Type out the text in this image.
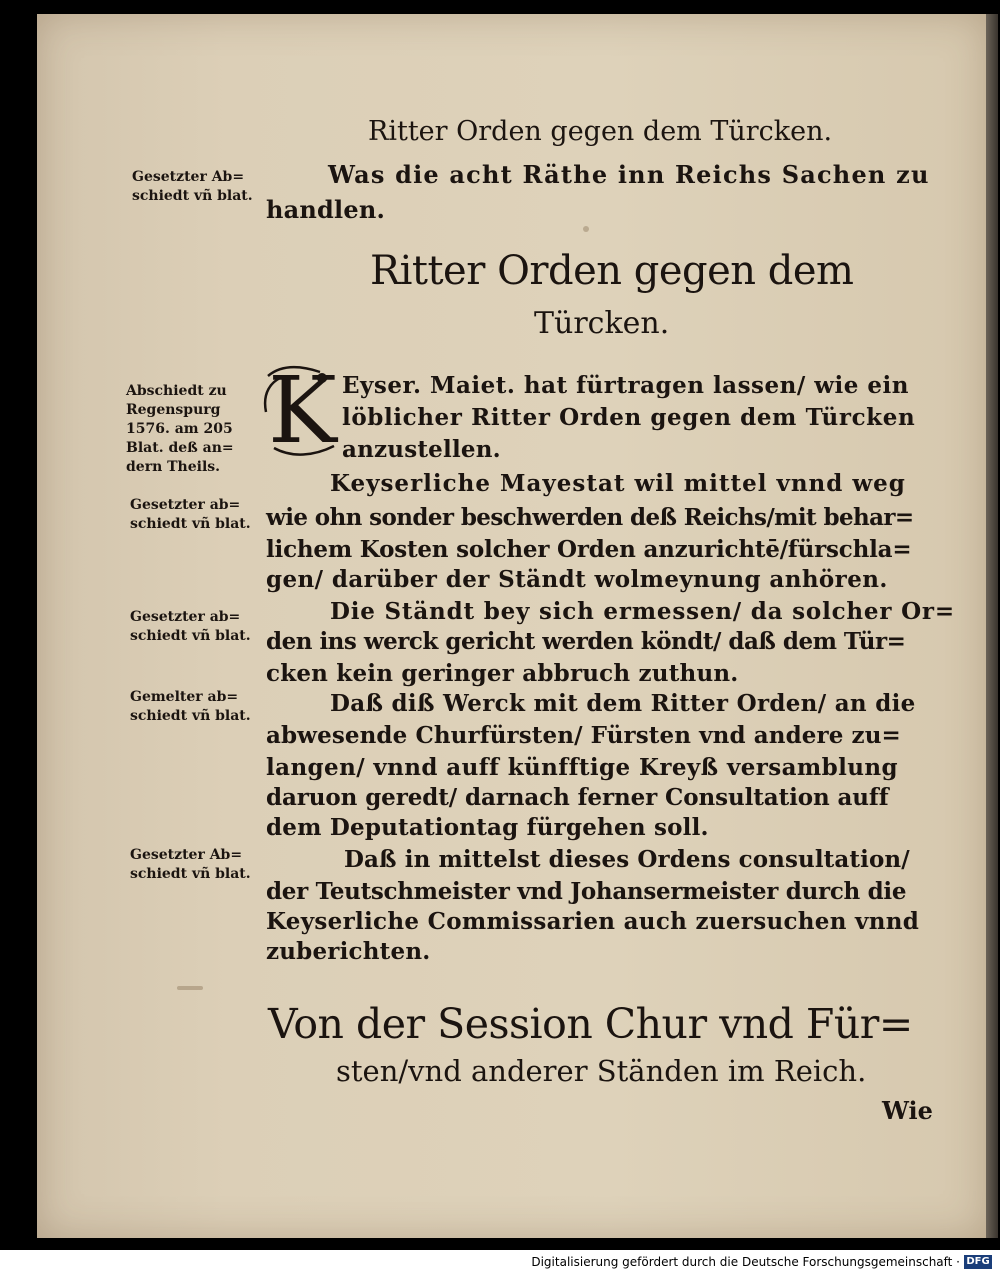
Ritter Orden gegen dem Türcken.
Was die acht Räthe inn Reichs Sachen zu
handlen.
Ritter Orden gegen dem
Türcken.
K Eyser. Maiet. hat fürtragen lassen/ wie ein
löblicher Ritter Orden gegen dem Türcken
anzustellen.
Keyserliche Mayestat wil mittel vnnd weg
wie ohn sonder beschwerden deß Reichs/mit behar=
lichem Kosten solcher Orden anzurichtē/fürschla=
gen/ darüber der Ständt wolmeynung anhören.
Die Ständt bey sich ermessen/ da solcher Or=
den ins werck gericht werden köndt/ daß dem Tür=
cken kein geringer abbruch zuthun.
Daß diß Werck mit dem Ritter Orden/ an die
abwesende Churfürsten/ Fürsten vnd andere zu=
langen/ vnnd auff künfftige Kreyß versamblung
daruon geredt/ darnach ferner Consultation auff
dem Deputationtag fürgehen soll.
Daß in mittelst dieses Ordens consultation/
der Teutschmeister vnd Johansermeister durch die
Keyserliche Commissarien auch zuersuchen vnnd
zuberichten.
Gesetzter Ab=
schiedt vñ blat.
Abschiedt zu
Regenspurg
1576. am 205
Blat. deß an=
dern Theils.
Gesetzter ab=
schiedt vñ blat.
Gesetzter ab=
schiedt vñ blat.
Gemelter ab=
schiedt vñ blat.
Gesetzter Ab=
schiedt vñ blat.
Von der Session Chur vnd Für=
sten/vnd anderer Ständen im Reich.
Wie
Digitalisierung gefördert durch die Deutsche Forschungsgemeinschaft · DFG
